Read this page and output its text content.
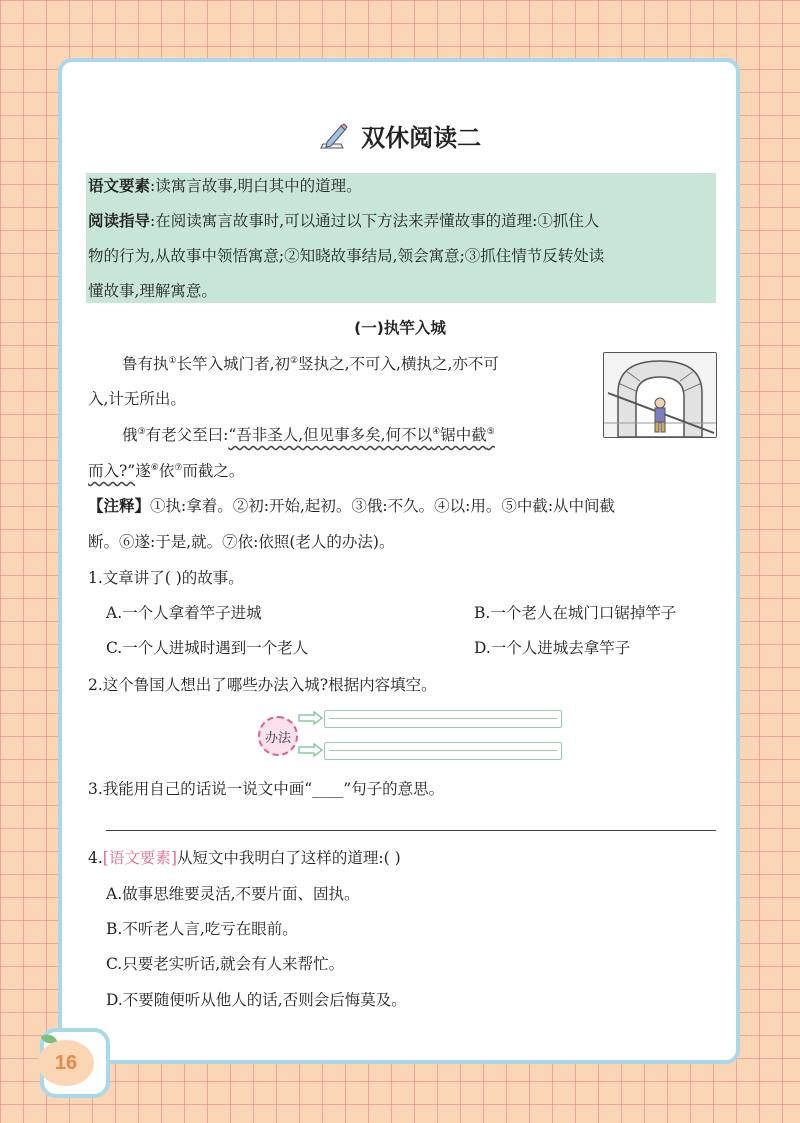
16
双休阅读二
语文要素:读寓言故事,明白其中的道理。
阅读指导:在阅读寓言故事时,可以通过以下方法来弄懂故事的道理:①抓住人
物的行为,从故事中领悟寓意;②知晓故事结局,领会寓意;③抓住情节反转处读
懂故事,理解寓意。
(一)执竿入城
鲁有执①长竿入城门者,初②竖执之,不可入,横执之,亦不可
入,计无所出。
俄③有老父至曰:“吾非圣人,但见事多矣,何不以④锯中截⑤
而入?”遂⑥依⑦而截之。
【注释】①执:拿着。②初:开始,起初。③俄:不久。④以:用。⑤中截:从中间截
断。⑥遂:于是,就。⑦依:依照(老人的办法)。
1.文章讲了( )的故事。
A.一个人拿着竿子进城	B.一个老人在城门口锯掉竿子
C.一个人进城时遇到一个老人	D.一个人进城去拿竿子
2.这个鲁国人想出了哪些办法入城?根据内容填空。
办法
3.我能用自己的话说一说文中画“____”句子的意思。
4.[语文要素]从短文中我明白了这样的道理:( )
A.做事思维要灵活,不要片面、固执。
B.不听老人言,吃亏在眼前。
C.只要老实听话,就会有人来帮忙。
D.不要随便听从他人的话,否则会后悔莫及。
